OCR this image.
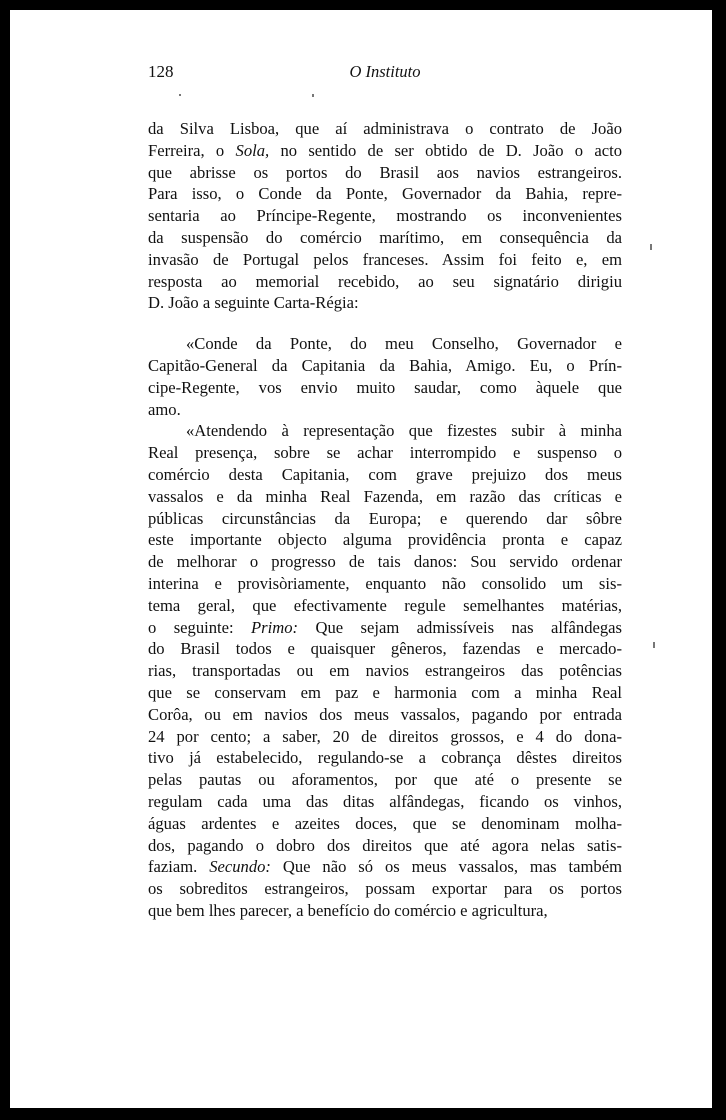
128	O Instituto
da Silva Lisboa, que aí administrava o contrato de João
Ferreira, o Sola, no sentido de ser obtido de D. João o acto
que abrisse os portos do Brasil aos navios estrangeiros.
Para isso, o Conde da Ponte, Governador da Bahia, repre-
sentaria ao Príncipe-Regente, mostrando os inconvenientes
da suspensão do comércio marítimo, em consequência da
invasão de Portugal pelos franceses. Assim foi feito e, em
resposta ao memorial recebido, ao seu signatário dirigiu
D. João a seguinte Carta-Régia:
«Conde da Ponte, do meu Conselho, Governador e
Capitão-General da Capitania da Bahia, Amigo. Eu, o Prín-
cipe-Regente, vos envio muito saudar, como àquele que
amo.
«Atendendo à representação que fizestes subir à minha
Real presença, sobre se achar interrompido e suspenso o
comércio desta Capitania, com grave prejuizo dos meus
vassalos e da minha Real Fazenda, em razão das críticas e
públicas circunstâncias da Europa; e querendo dar sôbre
este importante objecto alguma providência pronta e capaz
de melhorar o progresso de tais danos: Sou servido ordenar
interina e provisòriamente, enquanto não consolido um sis-
tema geral, que efectivamente regule semelhantes matérias,
o seguinte: Primo: Que sejam admissíveis nas alfândegas
do Brasil todos e quaisquer gêneros, fazendas e mercado-
rias, transportadas ou em navios estrangeiros das potências
que se conservam em paz e harmonia com a minha Real
Corôa, ou em navios dos meus vassalos, pagando por entrada
24 por cento; a saber, 20 de direitos grossos, e 4 do dona-
tivo já estabelecido, regulando-se a cobrança dêstes direitos
pelas pautas ou aforamentos, por que até o presente se
regulam cada uma das ditas alfândegas, ficando os vinhos,
águas ardentes e azeites doces, que se denominam molha-
dos, pagando o dobro dos direitos que até agora nelas satis-
faziam. Secundo: Que não só os meus vassalos, mas também
os sobreditos estrangeiros, possam exportar para os portos
que bem lhes parecer, a benefício do comércio e agricultura,
